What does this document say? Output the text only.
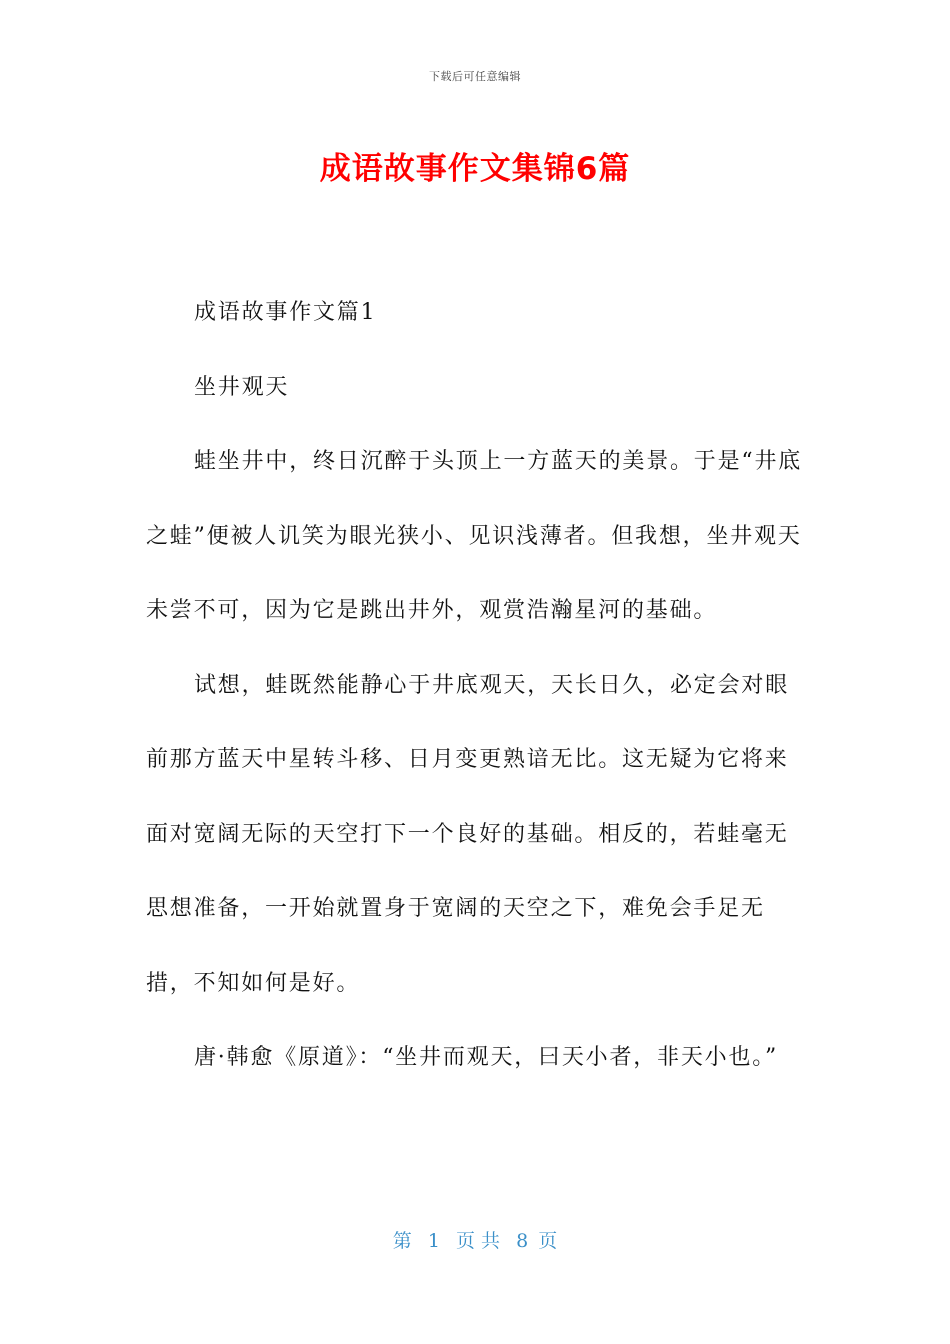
下载后可任意编辑
成语故事作文集锦6篇

成语故事作文篇1

坐井观天

蛙坐井中，终日沉醉于头顶上一方蓝天的美景。于是“井底之蛙”便被人讥笑为眼光狭小、见识浅薄者。但我想，坐井观天未尝不可，因为它是跳出井外，观赏浩瀚星河的基础。

试想，蛙既然能静心于井底观天，天长日久，必定会对眼前那方蓝天中星转斗移、日月变更熟谙无比。这无疑为它将来面对宽阔无际的天空打下一个良好的基础。相反的，若蛙毫无思想准备，一开始就置身于宽阔的天空之下，难免会手足无措，不知如何是好。

唐·韩愈《原道》：“坐井而观天，曰天小者，非天小也。”

第 1 页 共 8 页
